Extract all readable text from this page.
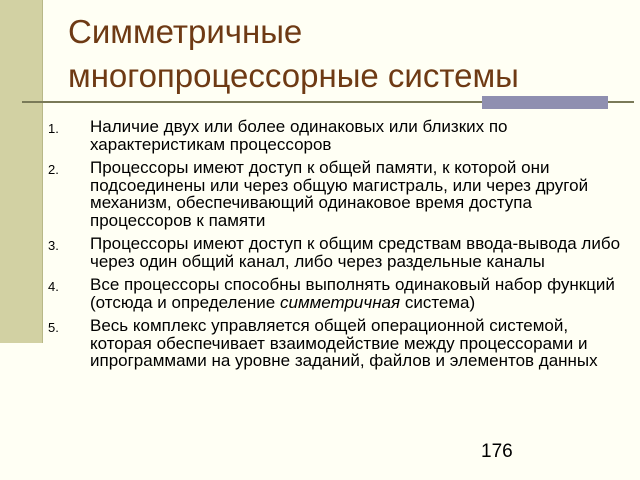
Симметричные
многопроцессорные системы
1. Наличие двух или более одинаковых или близких по характеристикам процессоров
2. Процессоры имеют доступ к общей памяти, к которой они подсоединены или через общую магистраль, или через другой механизм, обеспечивающий одинаковое время доступа процессоров к памяти
3. Процессоры имеют доступ к общим средствам ввода-вывода либо через один общий канал, либо через раздельные каналы
4. Все процессоры способны выполнять одинаковый набор функций (отсюда и определение симметричная система)
5. Весь комплекс управляется общей операционной системой, которая обеспечивает взаимодействие между процессорами и ипрограммами на уровне заданий, файлов и элементов данных
176
